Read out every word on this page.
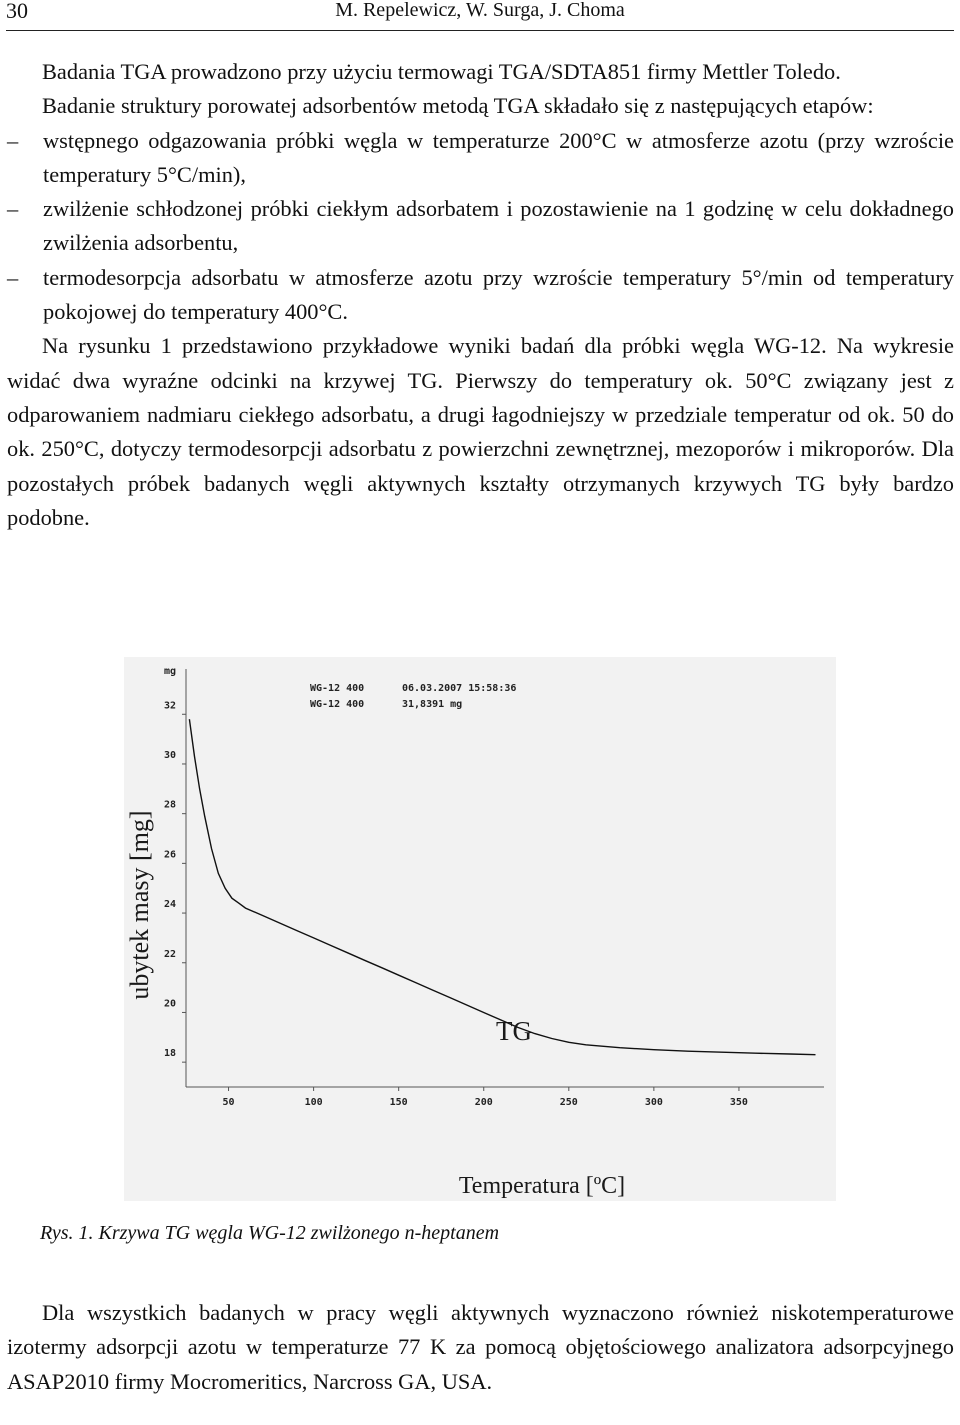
30	M. Repelewicz, W. Surga, J. Choma
Badania TGA prowadzono przy użyciu termowagi TGA/SDTA851 firmy Mettler Toledo.
Badanie struktury porowatej adsorbentów metodą TGA składało się z następujących etapów:
– wstępnego odgazowania próbki węgla w temperaturze 200°C w atmosferze azotu (przy wzroście temperatury 5°C/min),
– zwilżenie schłodzonej próbki ciekłym adsorbatem i pozostawienie na 1 godzinę w celu dokładnego zwilżenia adsorbentu,
– termodesorpcja adsorbatu w atmosferze azotu przy wzroście temperatury 5°/min od temperatury pokojowej do temperatury 400°C.
Na rysunku 1 przedstawiono przykładowe wyniki badań dla próbki węgla WG-12. Na wykresie widać dwa wyraźne odcinki na krzywej TG. Pierwszy do temperatury ok. 50°C związany jest z odparowaniem nadmiaru ciekłego adsorbatu, a drugi łagodniejszy w przedziale temperatur od ok. 50 do ok. 250°C, dotyczy termodesorpcji adsorbatu z powierzchni zewnętrznej, mezoporów i mikroporów. Dla pozostałych próbek badanych węgli aktywnych kształty otrzymanych krzywych TG były bardzo podobne.
mg
WG-12 400	06.03.2007 15:58:36
WG-12 400	31,8391 mg
ubytek masy [mg]
TG
Temperatura [ºC]
18
20
22
24
26
28
30
32
50	100	150	200	250	300	350
Rys. 1. Krzywa TG węgla WG-12 zwilżonego n-heptanem
Dla wszystkich badanych w pracy węgli aktywnych wyznaczono również niskotemperaturowe izotermy adsorpcji azotu w temperaturze 77 K za pomocą objętościowego analizatora adsorpcyjnego ASAP2010 firmy Mocromeritics, Narcross GA, USA.
